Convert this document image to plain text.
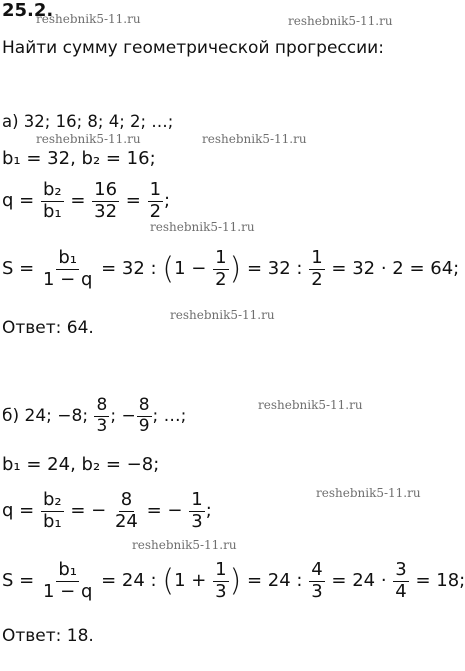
25.2.
reshebnik5-11.ru	reshebnik5-11.ru
Найти сумму геометрической прогрессии:
а) 32; 16; 8; 4; 2; …;
reshebnik5-11.ru	reshebnik5-11.ru
b₁ = 32, b₂ = 16;
$q = \frac{\text{b₂}}{\text{b₁}} = \frac{16}{32} = \frac{1}{2}$ ;
reshebnik5-11.ru
$S = \frac{\text{b₁}}{1 - q} = 32$ : ($1 - \frac{1}{2}$ ) = 32 : $\frac{1}{2} = 32 \cdot 2 = 64$;
Ответ: 64.
reshebnik5-11.ru
reshebnik5-11.ru
б) 24; −8; $\frac{8}{3}$ ; − $\frac{8}{9}$ ; …;
b₁ = 24, b₂ = −8;
reshebnik5-11.ru
$q = \frac{\text{b₂}}{\text{b₁}}$ = − $\frac{8}{24}$ = − $\frac{1}{3}$ ;
reshebnik5-11.ru
$S = \frac{\text{b₁}}{1 - q} = 24$ : ($1 + \frac{1}{3}$ ) = 24 : $\frac{4}{3} = 24 \cdot \frac{3}{4} = 18$;
Ответ: 18.
